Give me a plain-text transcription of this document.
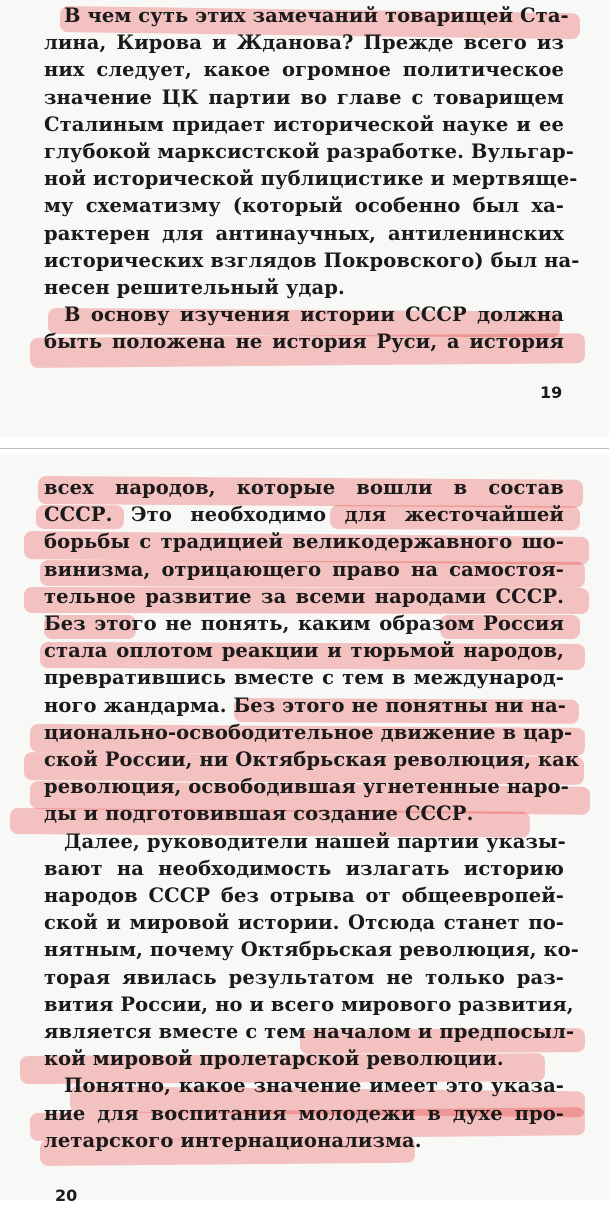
В чем суть этих замечаний товарищей Ста-
лина, Кирова и Жданова? Прежде всего из
них следует, какое огромное политическое
значение ЦК партии во главе с товарищем
Сталиным придает исторической науке и ее
глубокой марксистской разработке. Вульгар-
ной исторической публицистике и мертвяще-
му схематизму (который особенно был ха-
рактерен для антинаучных, антиленинских
исторических взглядов Покровского) был на-
несен решительный удар.
В основу изучения истории СССР должна
быть положена не история Руси, а история

19

всех народов, которые вошли в состав
СССР. Это необходимо для жесточайшей
борьбы с традицией великодержавного шо-
винизма, отрицающего право на самостоя-
тельное развитие за всеми народами СССР.
Без этого не понять, каким образом Россия
стала оплотом реакции и тюрьмой народов,
превратившись вместе с тем в международ-
ного жандарма. Без этого не понятны ни на-
ционально-освободительное движение в цар-
ской России, ни Октябрьская революция, как
революция, освободившая угнетенные наро-
ды и подготовившая создание СССР.
Далее, руководители нашей партии указы-
вают на необходимость излагать историю
народов СССР без отрыва от общеевропей-
ской и мировой истории. Отсюда станет по-
нятным, почему Октябрьская революция, ко-
торая явилась результатом не только раз-
вития России, но и всего мирового развития,
является вместе с тем началом и предпосыл-
кой мировой пролетарской революции.
Понятно, какое значение имеет это указа-
ние для воспитания молодежи в духе про-
летарского интернационализма.

20
